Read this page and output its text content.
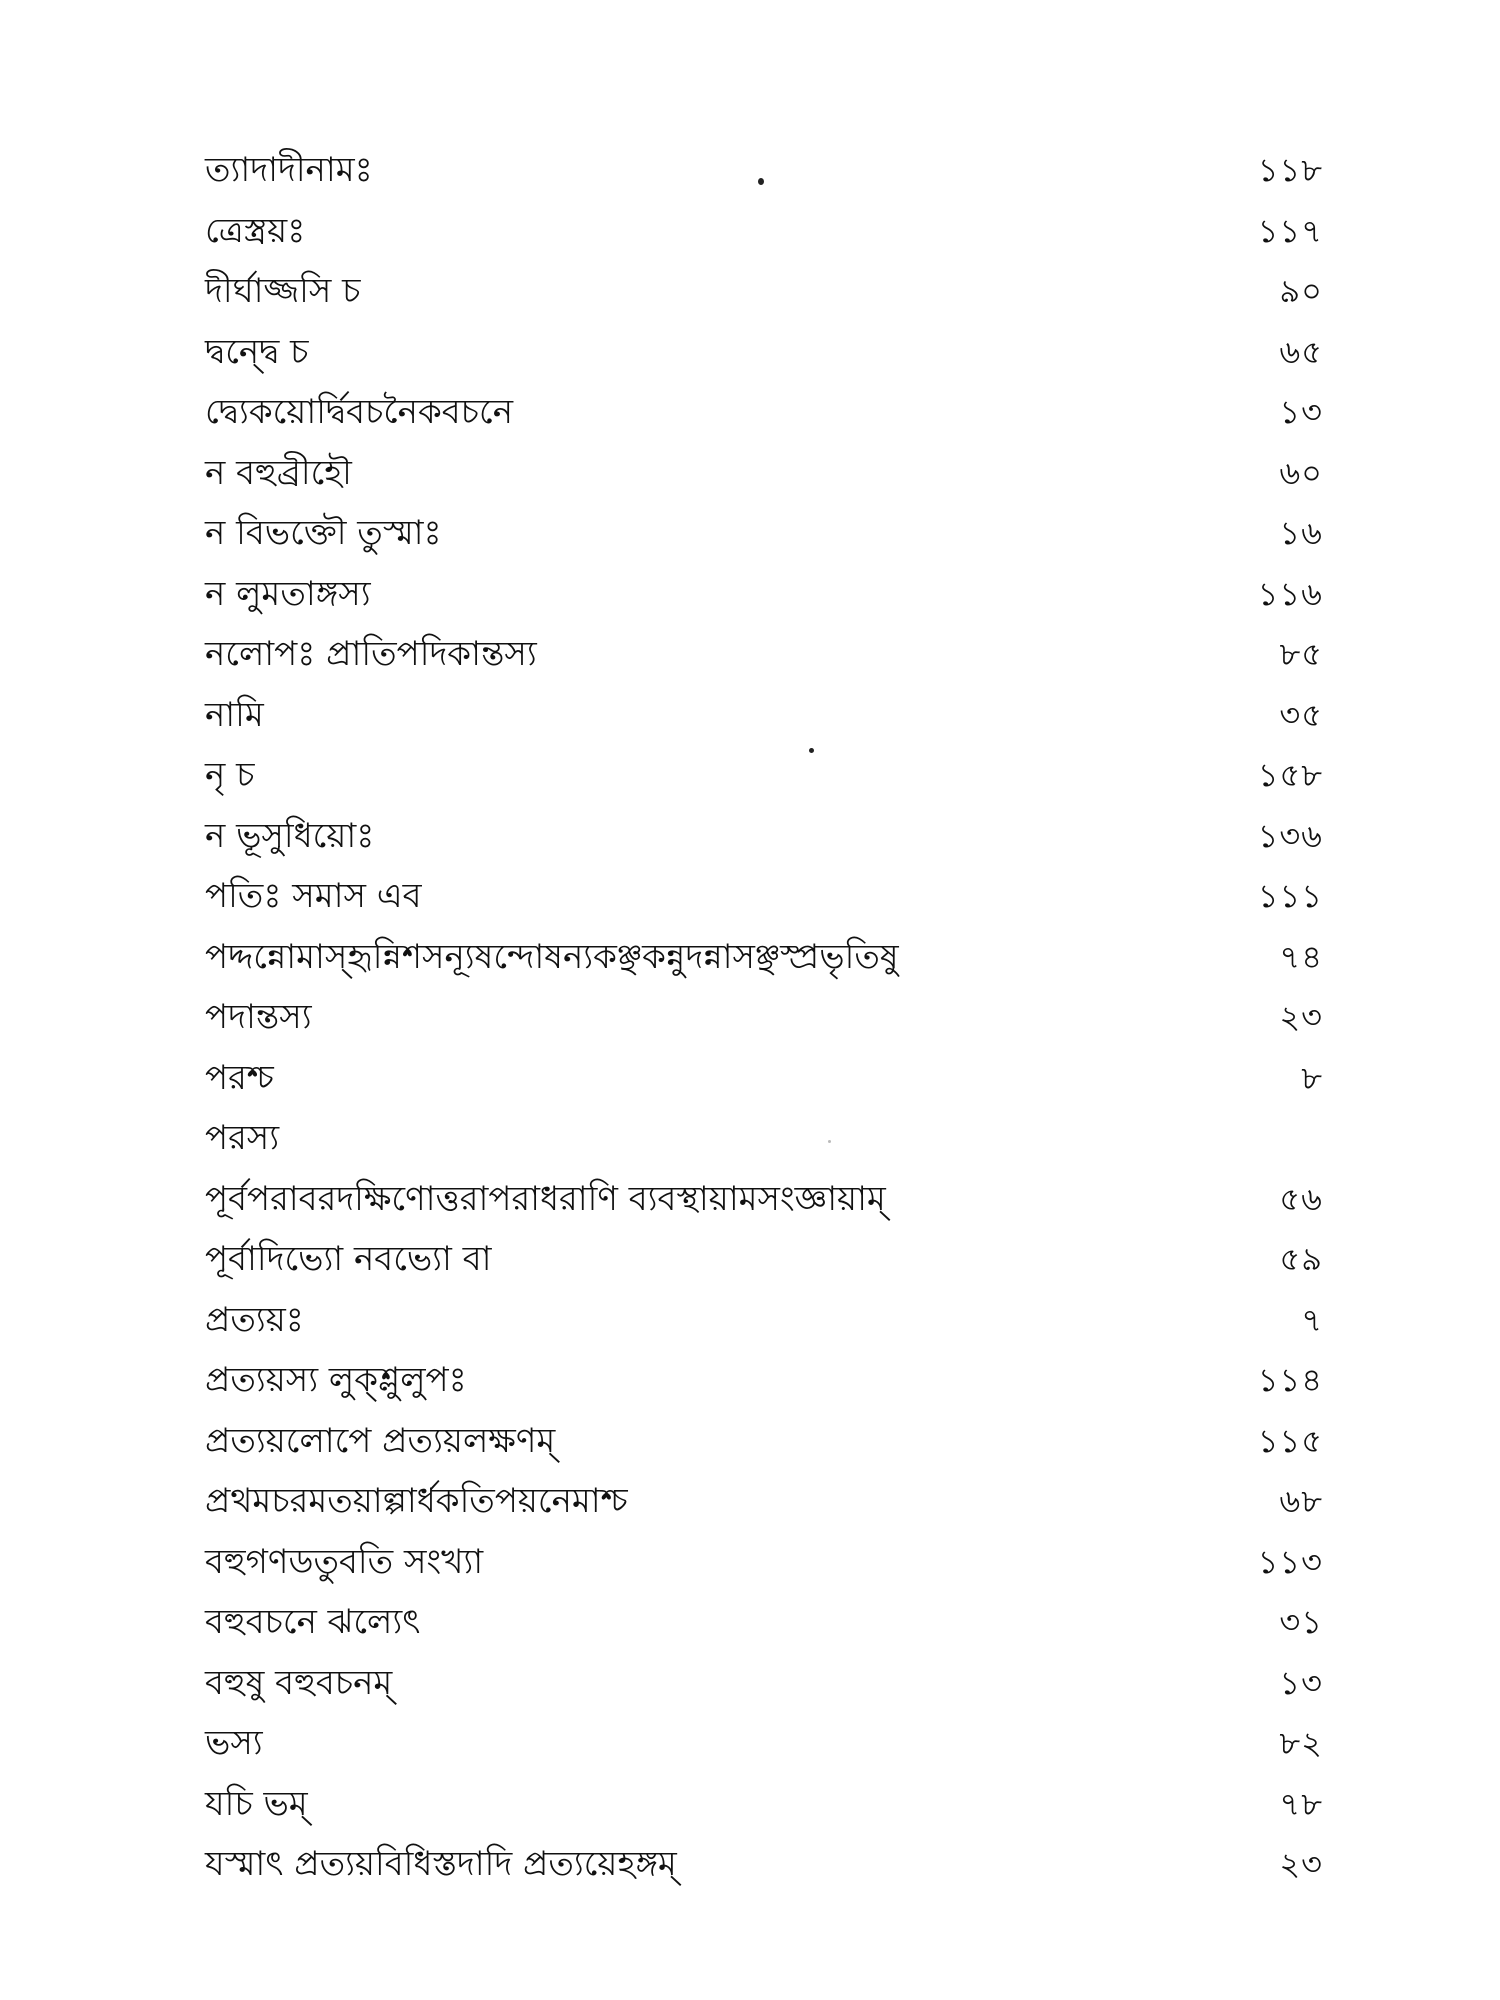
ত্যাদাদীনামঃ	১১৮
ত্রেস্ত্রয়ঃ	১১৭
দীর্ঘাজ্জসি চ	৯০
দ্বন্দ্বে চ	৬৫
দ্ব্যেকয়োর্দ্বিবচনৈকবচনে	১৩
ন বহুব্রীহৌ	৬০
ন বিভক্তৌ তুস্মাঃ	১৬
ন লুমতাঙ্গস্য	১১৬
নলোপঃ প্রাতিপদিকান্তস্য	৮৫
নামি	৩৫
নৃ চ	১৫৮
ন ভূসুধিয়োঃ	১৩৬
পতিঃ সমাস এব	১১১
পদ্দন্নোমাস্হৃন্নিশসন্যূষন্দোষন্যকঞ্ছকন্নুদন্নাসঞ্ছস্প্রভৃতিষু	৭৪
পদান্তস্য	২৩
পরশ্চ	৮
পরস্য
পূর্বপরাবরদক্ষিণোত্তরাপরাধরাণি ব্যবস্থায়ামসংজ্ঞায়াম্	৫৬
পূর্বাদিভ্যো নবভ্যো বা	৫৯
প্রত্যয়ঃ	৭
প্রত্যয়স্য লুক্শ্লুলুপঃ	১১৪
প্রত্যয়লোপে প্রত্যয়লক্ষণম্	১১৫
প্রথমচরমতয়াল্পার্ধকতিপয়নেমাশ্চ	৬৮
বহুগণডতুবতি সংখ্যা	১১৩
বহুবচনে ঝল্যেৎ	৩১
বহুষু বহুবচনম্	১৩
ভস্য	৮২
যচি ভম্	৭৮
যস্মাৎ প্রত্যয়বিধিস্তদাদি প্রত্যয়েহঙ্গম্	২৩
